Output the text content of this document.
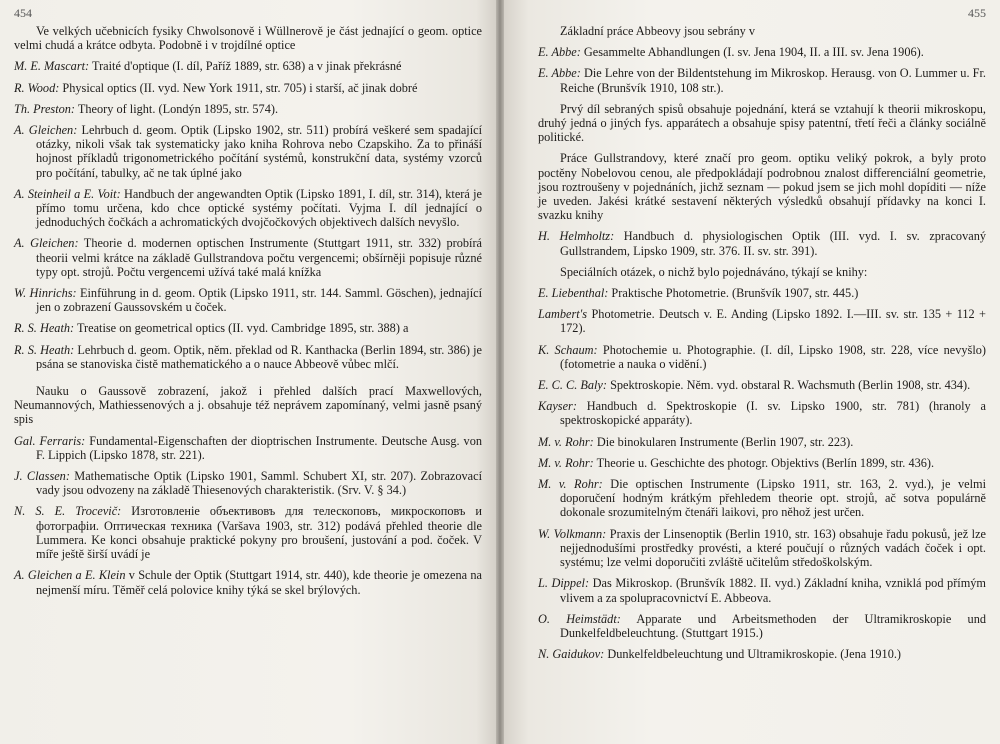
454

Ve velkých učebnicích fysiky Chwolsonově i Wüllnerově je část jednající o geom. optice velmi chudá a krátce odbyta. Podobně i v trojdílné optice

M. E. Mascart: Traité d'optique (I. díl, Paříž 1889, str. 638) a v jinak překrásné

R. Wood: Physical optics (II. vyd. New York 1911, str. 705) i starší, ač jinak dobré

Th. Preston: Theory of light. (Londýn 1895, str. 574).

A. Gleichen: Lehrbuch d. geom. Optik (Lipsko 1902, str. 511) probírá veškeré sem spadající otázky, nikoli však tak systematicky jako kniha Rohrova nebo Czapskiho. Za to přináší hojnost příkladů trigonometrického počítání systémů, konstrukční data, systémy vzorců pro počítání, tabulky, ač ne tak úplné jako

A. Steinheil a E. Voit: Handbuch der angewandten Optik (Lipsko 1891, I. díl, str. 314), která je přímo tomu určena, kdo chce optické systémy počítati. Vyjma I. díl jednající o jednoduchých čočkách a achromatických dvojčočkových objektivech dalších nevyšlo.

A. Gleichen: Theorie d. modernen optischen Instrumente (Stuttgart 1911, str. 332) probírá theorii velmi krátce na základě Gullstrandova počtu vergencemi; obšírněji popisuje různé typy opt. strojů. Počtu vergencemi užívá také malá knížka

W. Hinrichs: Einführung in d. geom. Optik (Lipsko 1911, str. 144. Samml. Göschen), jednající jen o zobrazení Gaussovském u čoček.

R. S. Heath: Treatise on geometrical optics (II. vyd. Cambridge 1895, str. 388) a

R. S. Heath: Lehrbuch d. geom. Optik, něm. překlad od R. Kanthacka (Berlin 1894, str. 386) je psána se stanoviska čistě mathematického a o nauce Abbeově vůbec mlčí.

Nauku o Gaussově zobrazení, jakož i přehled dalších prací Maxwellových, Neumannových, Mathiessenových a j. obsahuje též neprávem zapomínaný, velmi jasně psaný spis

Gal. Ferraris: Fundamental-Eigenschaften der dioptrischen Instrumente. Deutsche Ausg. von F. Lippich (Lipsko 1878, str. 221).

J. Classen: Mathematische Optik (Lipsko 1901, Samml. Schubert XI, str. 207). Zobrazovací vady jsou odvozeny na základě Thiesenových charakteristik. (Srv. V. § 34.)

N. S. E. Trocevič: Изготовленіе объективовъ для телескоповъ, микроскоповъ и фотографіи. Оптическая техника (Varšava 1903, str. 312) podává přehled theorie dle Lummera. Ke konci obsahuje praktické pokyny pro broušení, justování a pod. čoček. V míře ještě širší uvádí je

A. Gleichen a E. Klein v Schule der Optik (Stuttgart 1914, str. 440), kde theorie je omezena na nejmenší míru. Těměř celá polovice knihy týká se skel brýlových.

455

Základní práce Abbeovy jsou sebrány v

E. Abbe: Gesammelte Abhandlungen (I. sv. Jena 1904, II. a III. sv. Jena 1906).

E. Abbe: Die Lehre von der Bildentstehung im Mikroskop. Herausg. von O. Lummer u. Fr. Reiche (Brunšvík 1910, 108 str.).

Prvý díl sebraných spisů obsahuje pojednání, která se vztahují k theorii mikroskopu, druhý jedná o jiných fys. apparátech a obsahuje spisy patentní, třetí řeči a články sociálně politické.

Práce Gullstrandovy, které značí pro geom. optiku veliký pokrok, a byly proto poctěny Nobelovou cenou, ale předpokládají podrobnou znalost differenciální geometrie, jsou roztroušeny v pojednáních, jichž seznam — pokud jsem se jich mohl dopíditi — níže je uveden. Jakési krátké sestavení některých výsledků obsahují přídavky na konci I. svazku knihy

H. Helmholtz: Handbuch d. physiologischen Optik (III. vyd. I. sv. zpracovaný Gullstrandem, Lipsko 1909, str. 376. II. sv. str. 391).

Speciálních otázek, o nichž bylo pojednáváno, týkají se knihy:

E. Liebenthal: Praktische Photometrie. (Brunšvík 1907, str. 445.)

Lambert's Photometrie. Deutsch v. E. Anding (Lipsko 1892. I.—III. sv. str. 135 + 112 + 172).

K. Schaum: Photochemie u. Photographie. (I. díl, Lipsko 1908, str. 228, více nevyšlo) (fotometrie a nauka o vidění.)

E. C. C. Baly: Spektroskopie. Něm. vyd. obstaral R. Wachsmuth (Berlin 1908, str. 434).

Kayser: Handbuch d. Spektroskopie (I. sv. Lipsko 1900, str. 781) (hranoly a spektroskopické apparáty).

M. v. Rohr: Die binokularen Instrumente (Berlin 1907, str. 223).

M. v. Rohr: Theorie u. Geschichte des photogr. Objektivs (Berlín 1899, str. 436).

M. v. Rohr: Die optischen Instrumente (Lipsko 1911, str. 163, 2. vyd.), je velmi doporučení hodným krátkým přehledem theorie opt. strojů, ač sotva populárně dokonale srozumitelným čtenáři laikovi, pro něhož jest určen.

W. Volkmann: Praxis der Linsenoptik (Berlin 1910, str. 163) obsahuje řadu pokusů, jež lze nejjednodušími prostředky provésti, a které poučují o různých vadách čoček i opt. systému; lze velmi doporučiti zvláště učitelům středoškolským.

L. Dippel: Das Mikroskop. (Brunšvík 1882. II. vyd.) Základní kniha, vzniklá pod přímým vlivem a za spolupracovnictví E. Abbeova.

O. Heimstädt: Apparate und Arbeitsmethoden der Ultramikroskopie und Dunkelfeldbeleuchtung. (Stuttgart 1915.)

N. Gaidukov: Dunkelfeldbeleuchtung und Ultramikroskopie. (Jena 1910.)
